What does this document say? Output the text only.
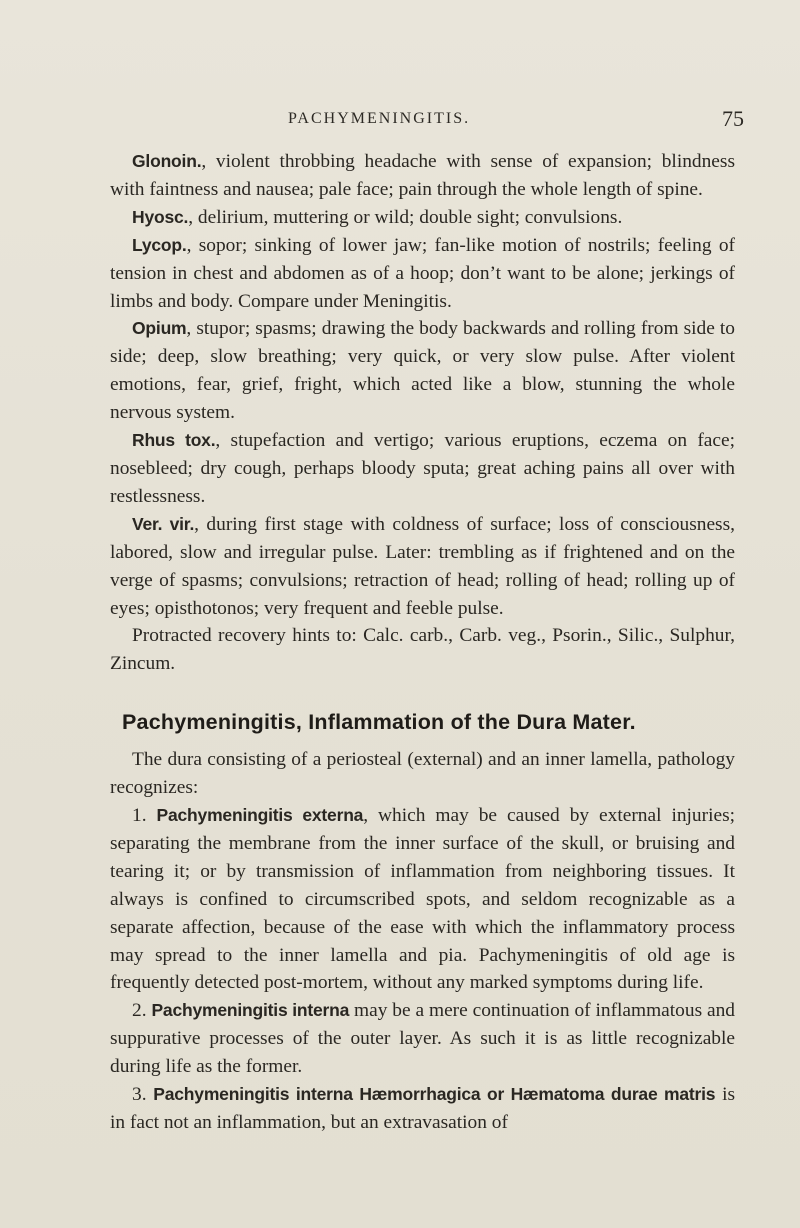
PACHYMENINGITIS.	75

Glonoin., violent throbbing headache with sense of expansion; blindness with faintness and nausea; pale face; pain through the whole length of spine.

Hyosc., delirium, muttering or wild; double sight; convulsions.

Lycop., sopor; sinking of lower jaw; fan-like motion of nostrils; feeling of tension in chest and abdomen as of a hoop; don’t want to be alone; jerkings of limbs and body. Compare under Meningitis.

Opium, stupor; spasms; drawing the body backwards and rolling from side to side; deep, slow breathing; very quick, or very slow pulse. After violent emotions, fear, grief, fright, which acted like a blow, stunning the whole nervous system.

Rhus tox., stupefaction and vertigo; various eruptions, eczema on face; nosebleed; dry cough, perhaps bloody sputa; great aching pains all over with restlessness.

Ver. vir., during first stage with coldness of surface; loss of consciousness, labored, slow and irregular pulse. Later: trembling as if frightened and on the verge of spasms; convulsions; retraction of head; rolling of head; rolling up of eyes; opisthotonos; very frequent and feeble pulse.

Protracted recovery hints to: Calc. carb., Carb. veg., Psorin., Silic., Sulphur, Zincum.

Pachymeningitis, Inflammation of the Dura Mater.

The dura consisting of a periosteal (external) and an inner lamella, pathology recognizes:

1. Pachymeningitis externa, which may be caused by external injuries; separating the membrane from the inner surface of the skull, or bruising and tearing it; or by transmission of inflammation from neighboring tissues. It always is confined to circumscribed spots, and seldom recognizable as a separate affection, because of the ease with which the inflammatory process may spread to the inner lamella and pia. Pachymeningitis of old age is frequently detected post-mortem, without any marked symptoms during life.

2. Pachymeningitis interna may be a mere continuation of inflammatous and suppurative processes of the outer layer. As such it is as little recognizable during life as the former.

3. Pachymeningitis interna Hæmorrhagica or Hæmatoma durae matris is in fact not an inflammation, but an extravasation of
